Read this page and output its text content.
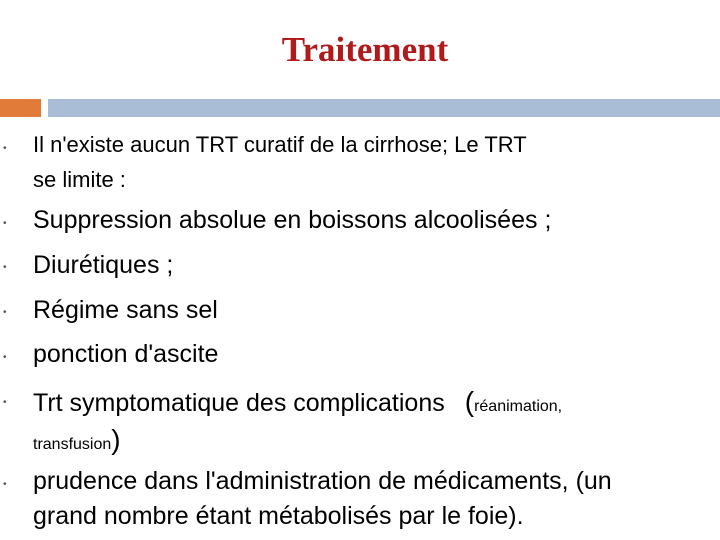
Traitement
• Il n'existe aucun TRT curatif de la cirrhose; Le TRT
se limite :
• Suppression absolue en boissons alcoolisées ;
• Diurétiques ;
• Régime sans sel
• ponction d'ascite
• Trt symptomatique des complications (réanimation,
transfusion)
• prudence dans l'administration de médicaments, (un
grand nombre étant métabolisés par le foie).
